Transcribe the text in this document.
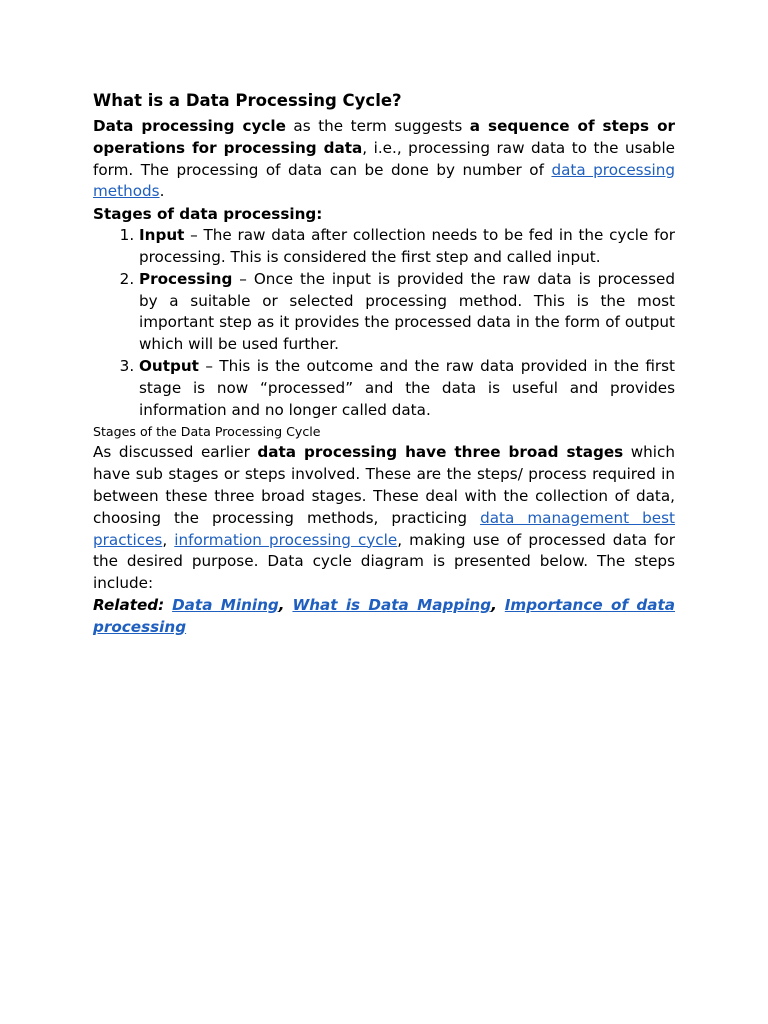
What is a Data Processing Cycle?

Data processing cycle as the term suggests a sequence of steps or operations for processing data, i.e., processing raw data to the usable form. The processing of data can be done by number of data processing methods.

Stages of data processing:

1. Input – The raw data after collection needs to be fed in the cycle for processing. This is considered the first step and called input.
2. Processing – Once the input is provided the raw data is processed by a suitable or selected processing method. This is the most important step as it provides the processed data in the form of output which will be used further.
3. Output – This is the outcome and the raw data provided in the first stage is now “processed” and the data is useful and provides information and no longer called data.

Stages of the Data Processing Cycle

As discussed earlier data processing have three broad stages which have sub stages or steps involved. These are the steps/ process required in between these three broad stages. These deal with the collection of data, choosing the processing methods, practicing data management best practices, information processing cycle, making use of processed data for the desired purpose. Data cycle diagram is presented below. The steps include:

Related: Data Mining, What is Data Mapping, Importance of data processing
